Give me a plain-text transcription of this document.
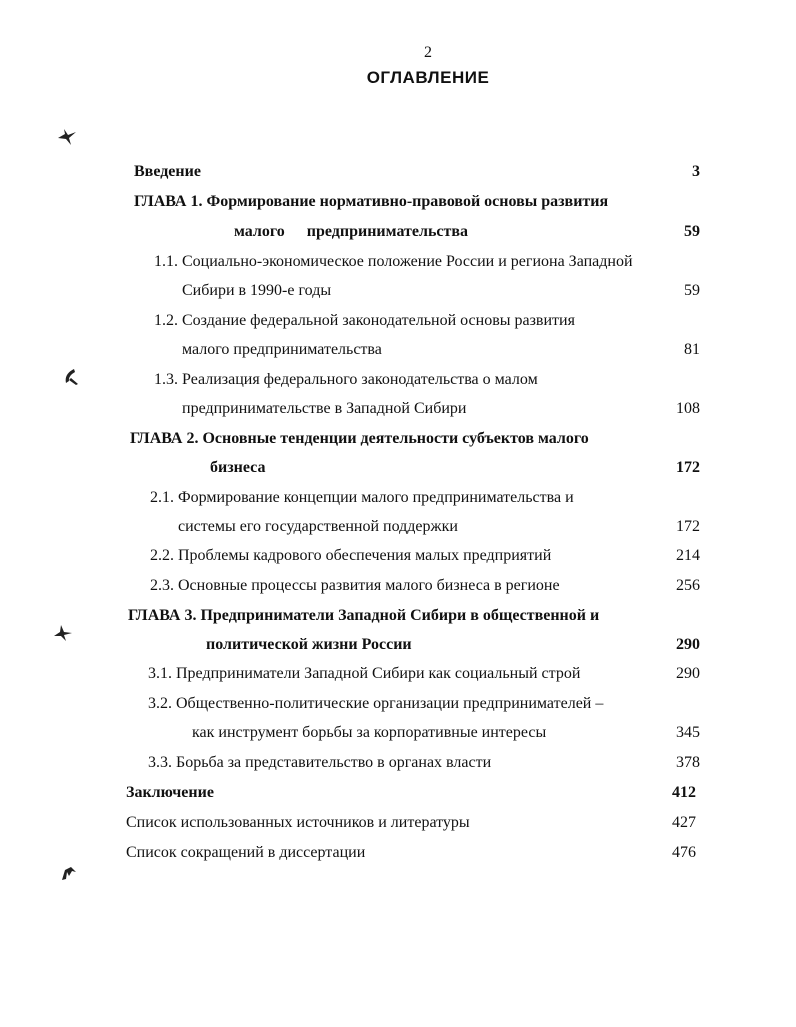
2
ОГЛАВЛЕНИЕ
Введение	3
ГЛАВА 1. Формирование нормативно-правовой основы развития
малого предпринимательства	59
1.1. Социально-экономическое положение России и региона Западной
Сибири в 1990-е годы	59
1.2. Создание федеральной законодательной основы развития
малого предпринимательства	81
1.3. Реализация федерального законодательства о малом
предпринимательстве в Западной Сибири	108
ГЛАВА 2. Основные тенденции деятельности субъектов малого
бизнеса	172
2.1. Формирование концепции малого предпринимательства и
системы его государственной поддержки	172
2.2. Проблемы кадрового обеспечения малых предприятий	214
2.3. Основные процессы развития малого бизнеса в регионе	256
ГЛАВА 3. Предприниматели Западной Сибири в общественной и
политической жизни России	290
3.1. Предприниматели Западной Сибири как социальный строй	290
3.2. Общественно-политические организации предпринимателей –
как инструмент борьбы за корпоративные интересы	345
3.3. Борьба за представительство в органах власти	378
Заключение	412
Список использованных источников и литературы	427
Список сокращений в диссертации	476
